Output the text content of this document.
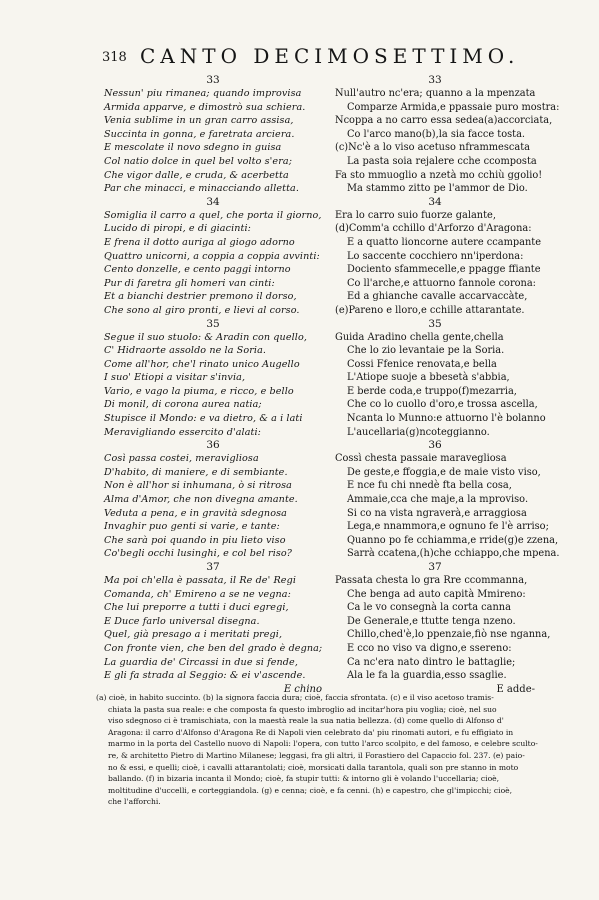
318 CANTO DECIMOSETTIMO.
33
Nessun' piu rimanea; quando improvisa
Armida apparve, e dimostrò sua schiera.
Venia sublime in un gran carro assisa,
Succinta in gonna, e faretrata arciera.
E mescolate il novo sdegno in guisa
Col natio dolce in quel bel volto s'era;
Che vigor dalle, e cruda, & acerbetta
Par che minacci, e minacciando alletta.
34
Somiglia il carro a quel, che porta il giorno,
Lucido di piropi, e di giacinti:
E frena il dotto auriga al giogo adorno
Quattro unicorni, a coppia a coppia avvinti:
Cento donzelle, e cento paggi intorno
Pur di faretra gli homeri van cinti:
Et a bianchi destrier premono il dorso,
Che sono al giro pronti, e lievi al corso.
35
Segue il suo stuolo: & Aradin con quello,
C' Hidraorte assoldo ne la Soria.
Come all'hor, che'l rinato unico Augello
I suo' Etiopi a visitar s'invia,
Vario, e vago la piuma, e ricco, e bello
Di monil, di corona aurea natia;
Stupisce il Mondo: e va dietro, & a i lati
Meravigliando essercito d'alati:
36
Così passa costei, meravigliosa
D'habito, di maniere, e di sembiante.
Non è all'hor si inhumana, ò si ritrosa
Alma d'Amor, che non divegna amante.
Veduta a pena, e in gravità sdegnosa
Invaghir puo genti si varie, e tante:
Che sarà poi quando in piu lieto viso
Co'begli occhi lusinghi, e col bel riso?
37
Ma poi ch'ella è passata, il Re de' Regi
Comanda, ch' Emireno a se ne vegna:
Che lui preporre a tutti i duci egregi,
E Duce farlo universal disegna.
Quel, già presago a i meritati pregi,
Con fronte vien, che ben del grado è degna;
La guardia de' Circassi in due si fende,
E gli fa strada al Seggio: & ei v'ascende.
E chino
33
Null'autro nc'era; quanno a la mpenzata
Comparze Armida,e ppassaie puro mostra:
Ncoppa a no carro essa sedea(a)accorciata,
Co l'arco mano(b),la sia facce tosta.
(c)Nc'è a lo viso acetuso nframmescata
La pasta soia rejalere cche ccomposta
Fa sto mmuoglio a nzetà mo cchiù ggolio!
Ma stammo zitto pe l'ammor de Dio.
34
Era lo carro suio fuorze galante,
(d)Comm'a cchillo d'Arforzo d'Aragona:
E a quatto lioncorne autere ccampante
Lo saccente cocchiero nn'iperdona:
Docientо sfammecelle,e ppagge ffiante
Co ll'arche,e attuorno fannole corona:
Ed a ghianche cavalle accarvaccàte,
(e)Pareno e lloro,e cchille attarantate.
35
Guida Aradino chella gente,chella
Che lo zio levantaie pe la Soria.
Cossi Ffenice renovata,e bella
L'Atiope suoje a bbesetà s'abbia,
E berde coda,e truppo(f)mezarria,
Che co lo cuollo d'oro,e trossa ascella,
Ncanta lo Munno:e attuorno l'è bolanno
L'aucellaria(g)ncoteggianno.
36
Cossì chesta passaie maraveglіosa
De geste,e ffoggia,e de maie visto viso,
E nce fu chi nnedè fta bella cosa,
Ammaie,cca che maje,a la mprovisо.
Si co na vista ngraverà,e arraggiosa
Lega,e nnammora,e ognuno fe l'è arriso;
Quanno po fe cchiamma,e rride(g)e zzena,
Sarrà ccatena,(h)che cchiappo,che mpena.
37
Passata chesta lo gra Rre ccommanna,
Che benga ad auto capità Mmireno:
Ca le vo consegnà la corta canna
De Generale,e ttutte tenga nzeno.
Chillo,ched'è,lo ppenzaie,fiò nse nganna,
E cco no viso va digno,e ssereno:
Ca nc'era nato dintro le battaglie;
Ala le fa la guardia,esso ssaglie.
E adde-
(a) cioè, in habito succinto. (b) la signora faccia dura; cioè, faccia sfrontata. (c) e il viso acetoso tramis-
chiata la pasta sua reale: e che composta fa questo imbroglio ad incitar'hora piu voglia; cioè, nel suo
viso sdegnoso ci è tramischiata, con la maestà reale la sua natia bellezza. (d) come quello di Alfonso d'
Aragona: il carro d'Alfonso d'Aragona Re di Napoli vien celebrato da' piu rinomati autori, e fu effigiato in
marmo in la porta del Castello nuovo di Napoli: l'opera, con tutto l'arco scolpito, e del famoso, e celebre scultо-
re, & architetto Pietro di Martino Milanese; leggasi, fra gli altri, il Forastiero del Capaccio fol. 237. (e) paio-
no & essi, e quelli; cioè, i cavalli attarantolati; cioè, morsicati dalla tarantola, quali son pre stanno in moto
ballando. (f) in bizaria incanta il Mondo; cioè, fa stupir tutti: & intorno gli è volando l'uccellaria; cioè,
moltitudine d'uccelli, e corteggiandola. (g) e cenna; cioè, e fa cenni. (h) e capestro, che gl'impicchi; cioè,
che l'afforchi.
